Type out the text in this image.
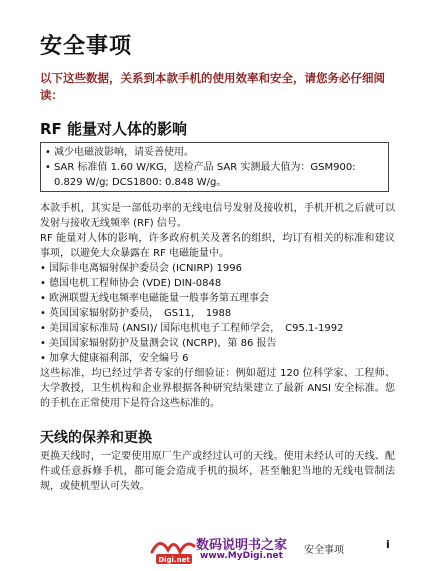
安全事项

以下这些数据，关系到本款手机的使用效率和安全，请您务必仔细阅读：

RF 能量对人体的影响
• 减少电磁波影响，请妥善使用。
• SAR 标准值 1.60 W/KG，送检产品 SAR 实测最大值为：GSM900: 0.829 W/g; DCS1800: 0.848 W/g。

本款手机，其实是一部低功率的无线电信号发射及接收机，手机开机之后就可以发射与接收无线频率 (RF) 信号。

RF 能量对人体的影响，许多政府机关及著名的组织，均订有相关的标准和建议事项，以避免大众暴露在 RF 电磁能量中。

• 国际非电离辐射保护委员会 (ICNIRP) 1996
• 德国电机工程师协会 (VDE) DIN-0848
• 欧洲联盟无线电频率电磁能量一般事务第五理事会
• 英国国家辐射防护委员，　GS11，　1988
• 美国国家标准局 (ANSI)/ 国际电机电子工程师学会，　C95.1-1992
• 美国国家辐射防护及量测会议 (NCRP)，第 86 报告
• 加拿大健康福利部，安全编号 6

这些标准，均已经过学者专家的仔细验证：例如超过 120 位科学家、工程师、大学教授，卫生机构和企业界根据各种研究结果建立了最新 ANSI 安全标准。您的手机在正常使用下是符合这些标准的。

天线的保养和更换

更换天线时，一定要使用原厂生产或经过认可的天线。使用未经认可的天线、配件或任意拆修手机，都可能会造成手机的损坏，甚至触犯当地的无线电管制法规，或使机型认可失效。

Digi.net
数码说明书之家
www.MyDigi.net 安全事项	i
